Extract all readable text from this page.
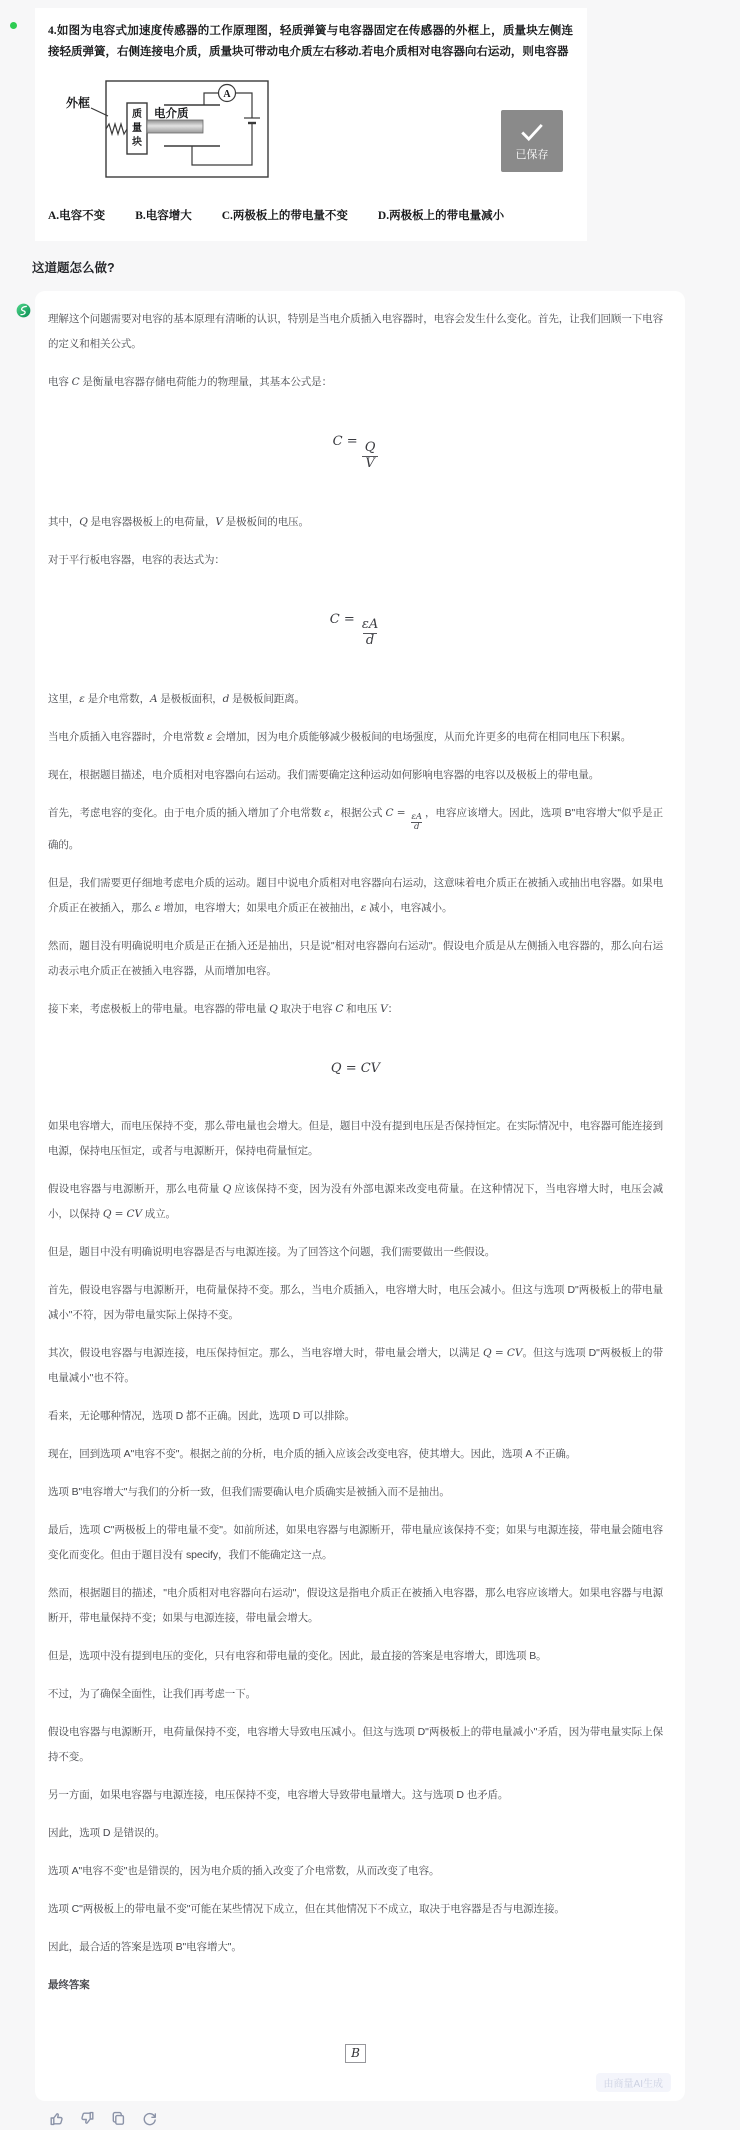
4.如图为电容式加速度传感器的工作原理图，轻质弹簧与电容器固定在传感器的外框上，质量块左侧连接轻质弹簧，右侧连接电介质，质量块可带动电介质左右移动.若电介质相对电容器向右运动，则电容器
外框
质
量
块
电介质
A
A.电容不变	B.电容增大	C.两极板上的带电量不变	D.两极板上的带电量减小
已保存
这道题怎么做?

理解这个问题需要对电容的基本原理有清晰的认识，特别是当电介质插入电容器时，电容会发生什么变化。首先，让我们回顾一下电容的定义和相关公式。

电容 C 是衡量电容器存储电荷能力的物理量，其基本公式是：

$C = \frac{Q}{V}$

其中，Q 是电容器极板上的电荷量，V 是极板间的电压。

对于平行板电容器，电容的表达式为：

$C = \frac{\varepsilon A}{d}$

这里，ε 是介电常数，A 是极板面积，d 是极板间距离。

当电介质插入电容器时，介电常数 ε 会增加，因为电介质能够减少极板间的电场强度，从而允许更多的电荷在相同电压下积累。

现在，根据题目描述，电介质相对电容器向右运动。我们需要确定这种运动如何影响电容器的电容以及极板上的带电量。

首先，考虑电容的变化。由于电介质的插入增加了介电常数 ε，根据公式 $C = \frac{\varepsilon A}{d}$ ，电容应该增大。因此，选项 B"电容增大"似乎是正确的。

但是，我们需要更仔细地考虑电介质的运动。题目中说电介质相对电容器向右运动，这意味着电介质正在被插入或抽出电容器。如果电介质正在被插入，那么 ε 增加，电容增大；如果电介质正在被抽出，ε 减小，电容减小。

然而，题目没有明确说明电介质是正在插入还是抽出，只是说"相对电容器向右运动"。假设电介质是从左侧插入电容器的，那么向右运动表示电介质正在被插入电容器，从而增加电容。

接下来，考虑极板上的带电量。电容器的带电量 Q 取决于电容 C 和电压 V：

Q = CV

如果电容增大，而电压保持不变，那么带电量也会增大。但是，题目中没有提到电压是否保持恒定。在实际情况中，电容器可能连接到电源，保持电压恒定，或者与电源断开，保持电荷量恒定。

假设电容器与电源断开，那么电荷量 Q 应该保持不变，因为没有外部电源来改变电荷量。在这种情况下，当电容增大时，电压会减小，以保持 Q = CV 成立。

但是，题目中没有明确说明电容器是否与电源连接。为了回答这个问题，我们需要做出一些假设。

首先，假设电容器与电源断开，电荷量保持不变。那么，当电介质插入，电容增大时，电压会减小。但这与选项 D"两极板上的带电量减小"不符，因为带电量实际上保持不变。

其次，假设电容器与电源连接，电压保持恒定。那么，当电容增大时，带电量会增大，以满足 Q = CV。但这与选项 D"两极板上的带电量减小"也不符。

看来，无论哪种情况，选项 D 都不正确。因此，选项 D 可以排除。

现在，回到选项 A"电容不变"。根据之前的分析，电介质的插入应该会改变电容，使其增大。因此，选项 A 不正确。

选项 B"电容增大"与我们的分析一致，但我们需要确认电介质确实是被插入而不是抽出。

最后，选项 C"两极板上的带电量不变"。如前所述，如果电容器与电源断开，带电量应该保持不变；如果与电源连接，带电量会随电容变化而变化。但由于题目没有 specify，我们不能确定这一点。

然而，根据题目的描述，"电介质相对电容器向右运动"，假设这是指电介质正在被插入电容器，那么电容应该增大。如果电容器与电源断开，带电量保持不变；如果与电源连接，带电量会增大。

但是，选项中没有提到电压的变化，只有电容和带电量的变化。因此，最直接的答案是电容增大，即选项 B。

不过，为了确保全面性，让我们再考虑一下。

假设电容器与电源断开，电荷量保持不变，电容增大导致电压减小。但这与选项 D"两极板上的带电量减小"矛盾，因为带电量实际上保持不变。

另一方面，如果电容器与电源连接，电压保持不变，电容增大导致带电量增大。这与选项 D 也矛盾。

因此，选项 D 是错误的。

选项 A"电容不变"也是错误的，因为电介质的插入改变了介电常数，从而改变了电容。

选项 C"两极板上的带电量不变"可能在某些情况下成立，但在其他情况下不成立，取决于电容器是否与电源连接。

因此，最合适的答案是选项 B"电容增大"。

最终答案

B
由商量AI生成
